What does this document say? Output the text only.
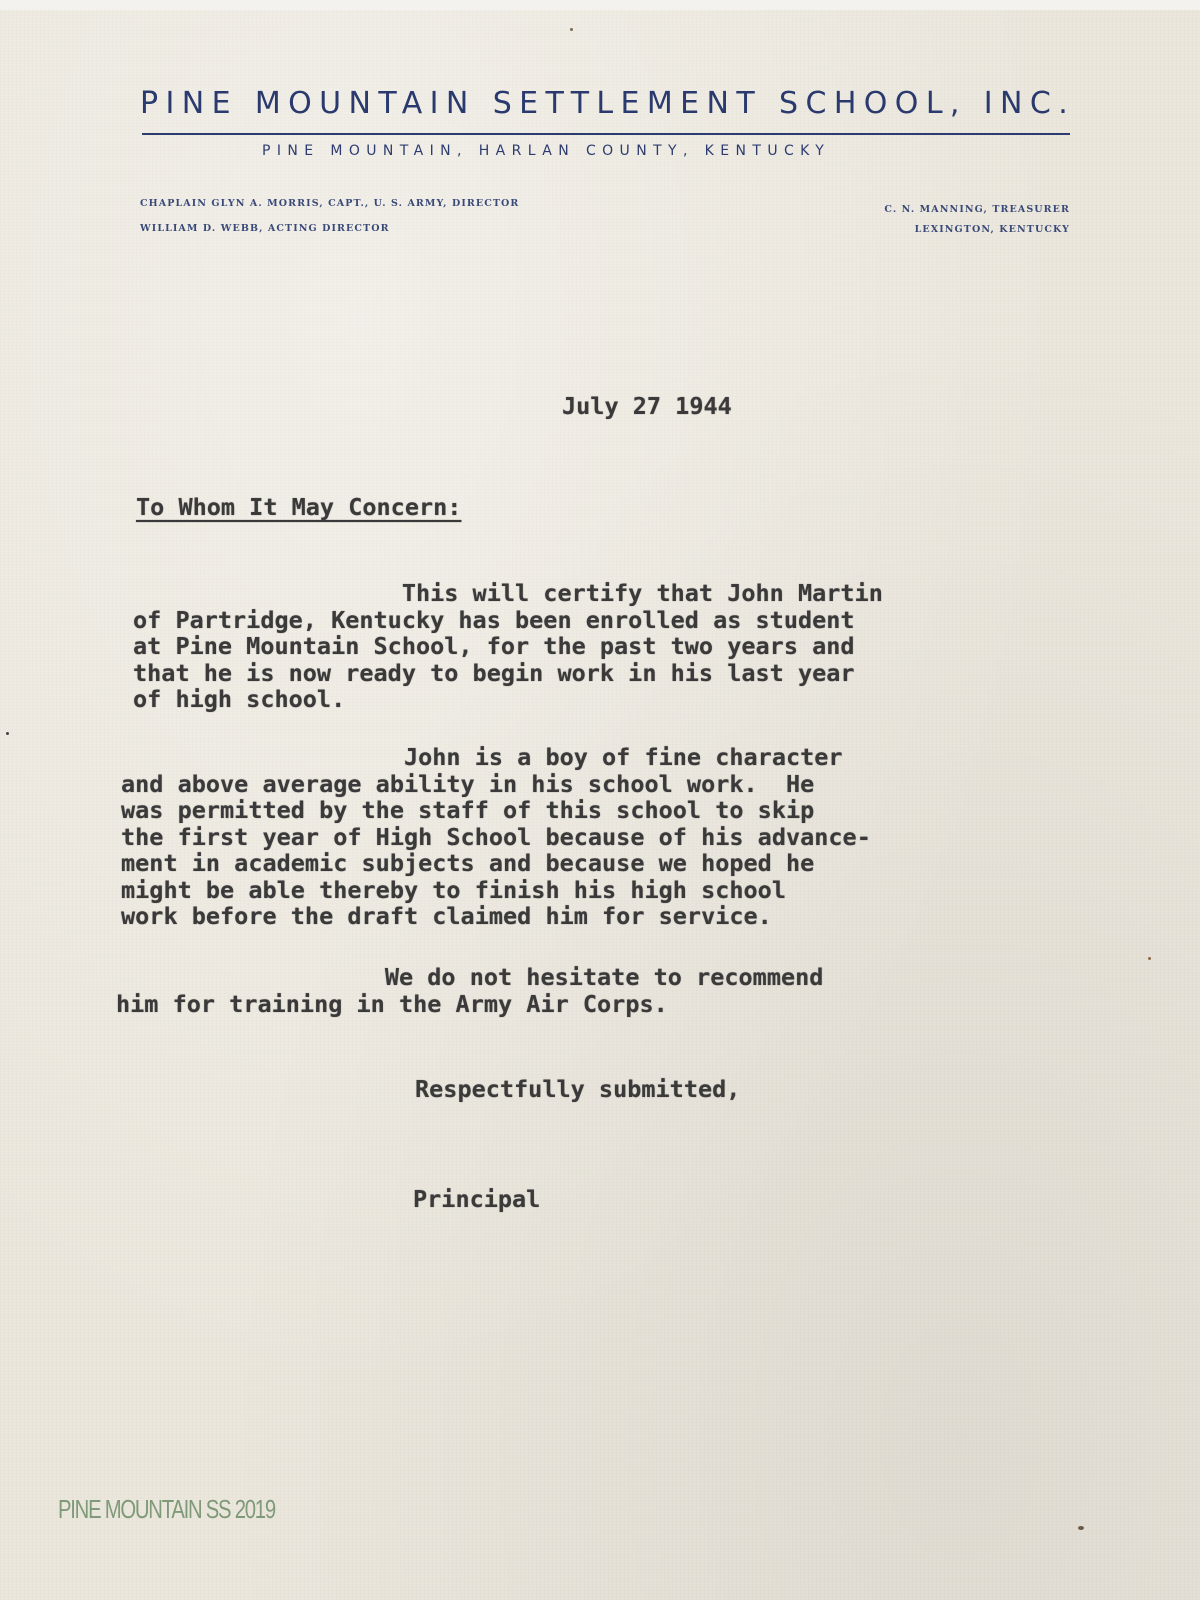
PINE MOUNTAIN SETTLEMENT SCHOOL, INC.
PINE MOUNTAIN, HARLAN COUNTY, KENTUCKY
CHAPLAIN GLYN A. MORRIS, CAPT., U. S. ARMY, DIRECTOR
WILLIAM D. WEBB, ACTING DIRECTOR
C. N. MANNING, TREASURER
LEXINGTON, KENTUCKY
July 27 1944
To Whom It May Concern:
This will certify that John Martin
of Partridge, Kentucky has been enrolled as student
at Pine Mountain School, for the past two years and
that he is now ready to begin work in his last year
of high school.
John is a boy of fine character
and above average ability in his school work.  He
was permitted by the staff of this school to skip
the first year of High School because of his advance-
ment in academic subjects and because we hoped he
might be able thereby to finish his high school
work before the draft claimed him for service.
We do not hesitate to recommend
him for training in the Army Air Corps.
Respectfully submitted,
Principal
PINE MOUNTAIN SS 2019
